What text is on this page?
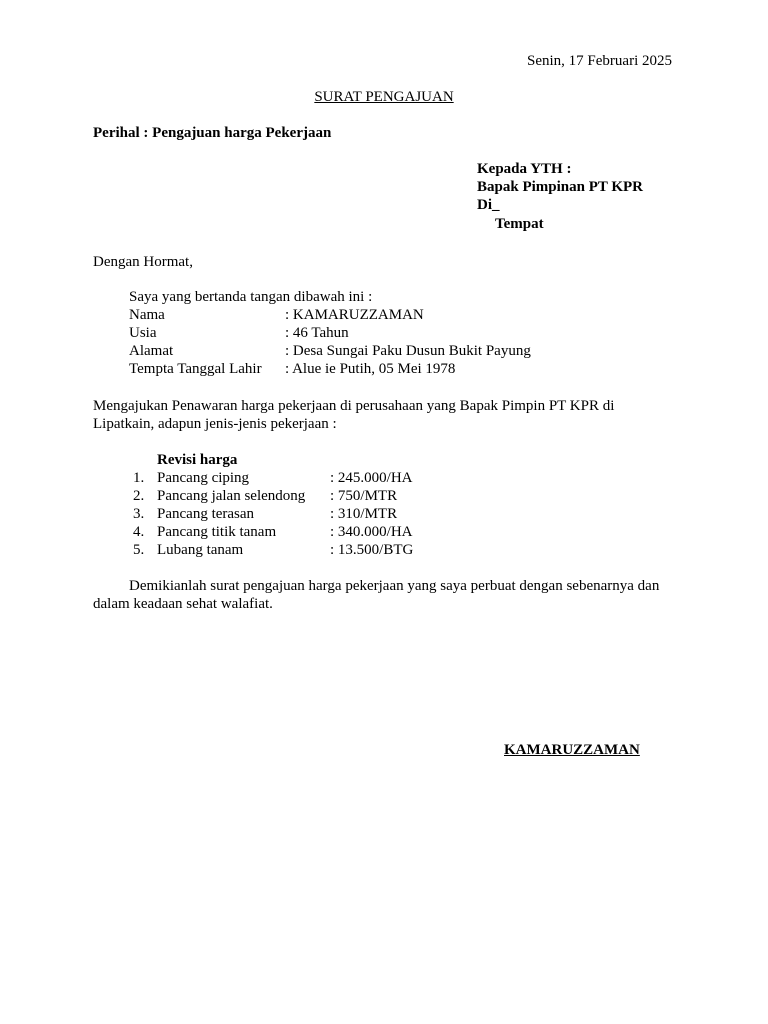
Senin, 17 Februari 2025
SURAT PENGAJUAN
Perihal : Pengajuan harga Pekerjaan
Kepada YTH :
Bapak Pimpinan PT KPR
Di_
Tempat
Dengan Hormat,
Saya yang bertanda tangan dibawah ini :
Nama	: KAMARUZZAMAN
Usia	: 46 Tahun
Alamat	: Desa Sungai Paku Dusun Bukit Payung
Tempta Tanggal Lahir : Alue ie Putih, 05 Mei 1978
Mengajukan Penawaran harga pekerjaan di perusahaan yang Bapak Pimpin PT KPR di Lipatkain, adapun jenis-jenis pekerjaan :
Revisi harga
1. Pancang ciping	: 245.000/HA
2. Pancang jalan selendong : 750/MTR
3. Pancang terasan	: 310/MTR
4. Pancang titik tanam	: 340.000/HA
5. Lubang tanam	: 13.500/BTG
Demikianlah surat pengajuan harga pekerjaan yang saya perbuat dengan sebenarnya dan dalam keadaan sehat walafiat.
KAMARUZZAMAN
